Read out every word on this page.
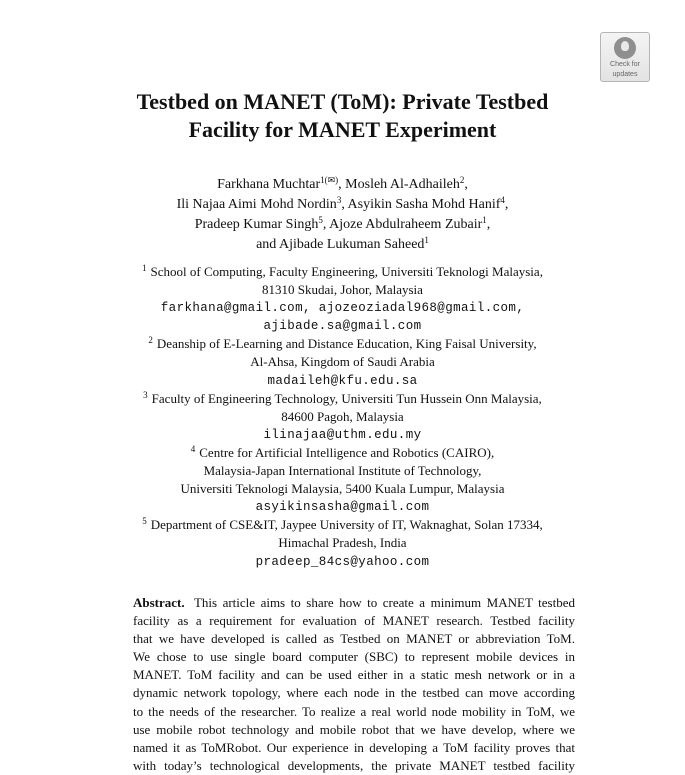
Check for
updates
Testbed on MANET (ToM): Private Testbed
Facility for MANET Experiment
Farkhana Muchtar$^{1(✉)}$, Mosleh Al-Adhaileh$^2$,
Ili Najaa Aimi Mohd Nordin$^3$, Asyikin Sasha Mohd Hanif$^4$,
Pradeep Kumar Singh$^5$, Ajoze Abdulraheem Zubair$^1$,
and Ajibade Lukuman Saheed$^1$
$^1$ School of Computing, Faculty Engineering, Universiti Teknologi Malaysia,
81310 Skudai, Johor, Malaysia
farkhana@gmail.com, ajozeoziadal968@gmail.com,
ajibade.sa@gmail.com
$^2$ Deanship of E-Learning and Distance Education, King Faisal University,
Al-Ahsa, Kingdom of Saudi Arabia
madaileh@kfu.edu.sa
$^3$ Faculty of Engineering Technology, Universiti Tun Hussein Onn Malaysia,
84600 Pagoh, Malaysia
ilinajaa@uthm.edu.my
$^4$ Centre for Artificial Intelligence and Robotics (CAIRO),
Malaysia-Japan International Institute of Technology,
Universiti Teknologi Malaysia, 5400 Kuala Lumpur, Malaysia
asyikinsasha@gmail.com
$^5$ Department of CSE&IT, Jaypee University of IT, Waknaghat, Solan 17334,
Himachal Pradesh, India
pradeep_84cs@yahoo.com
Abstract. This article aims to share how to create a minimum MANET testbed
facility as a requirement for evaluation of MANET research. Testbed facility
that we have developed is called as Testbed on MANET or abbreviation ToM.
We chose to use single board computer (SBC) to represent mobile devices in
MANET. ToM facility and can be used either in a static mesh network or in a
dynamic network topology, where each node in the testbed can move according
to the needs of the researcher. To realize a real world node mobility in ToM, we
use mobile robot technology and mobile robot that we have develop, where we
named it as ToMRobot. Our experience in developing a ToM facility proves that
with today’s technological developments, the private MANET testbed facility
